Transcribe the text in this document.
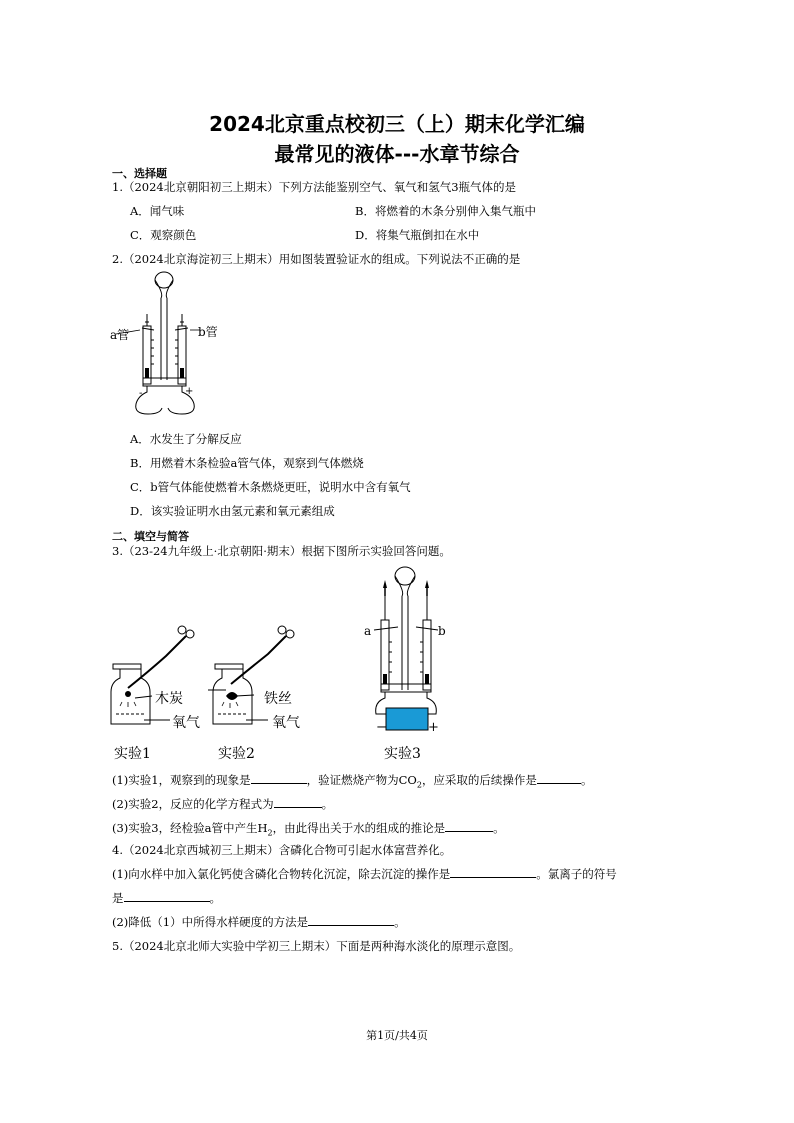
2024北京重点校初三（上）期末化学汇编
最常见的液体---水章节综合
一、选择题
1.（2024北京朝阳初三上期末）下列方法能鉴别空气、氧气和氢气3瓶气体的是
A．闻气味	B．将燃着的木条分别伸入集气瓶中
C．观察颜色	D．将集气瓶倒扣在水中
2.（2024北京海淀初三上期末）用如图装置验证水的组成。下列说法不正确的是
a管	b管
-	+
A．水发生了分解反应
B．用燃着木条检验a管气体，观察到气体燃烧
C．b管气体能使燃着木条燃烧更旺，说明水中含有氧气
D．该实验证明水由氢元素和氧元素组成
二、填空与简答
3.（23-24九年级上·北京朝阳·期末）根据下图所示实验回答问题。
木炭
氧气
铁丝
氧气
实验1	实验2
a	b
−	+
实验3
(1)实验1，观察到的现象是	，验证燃烧产物为$CO_2$，应采取的后续操作是	。
(2)实验2，反应的化学方程式为	。
(3)实验3，经检验a管中产生$H_2$，由此得出关于水的组成的推论是	。
4.（2024北京西城初三上期末）含磷化合物可引起水体富营养化。
(1)向水样中加入氯化钙使含磷化合物转化沉淀，除去沉淀的操作是	。氯离子的符号
是	。
(2)降低（1）中所得水样硬度的方法是	。
5.（2024北京北师大实验中学初三上期末）下面是两种海水淡化的原理示意图。
第1页/共4页
